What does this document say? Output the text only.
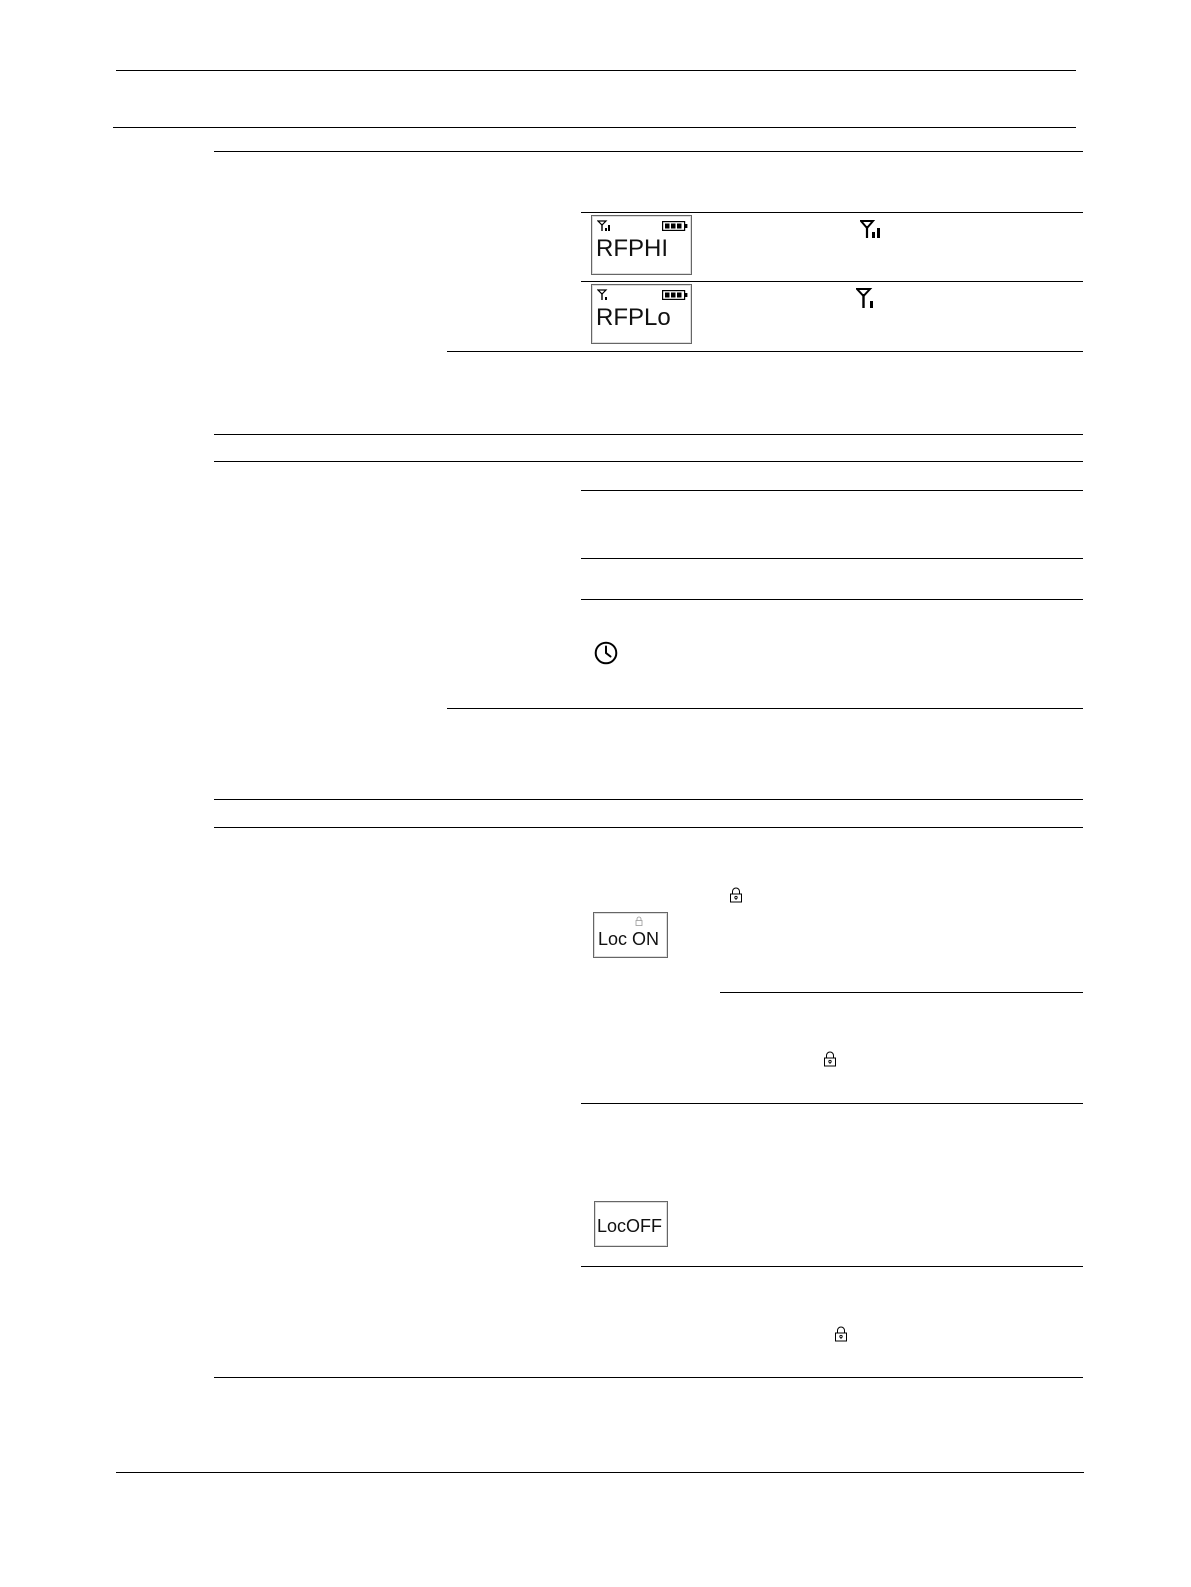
RFPHI
RFPLo
Loc ON
LocOFF
